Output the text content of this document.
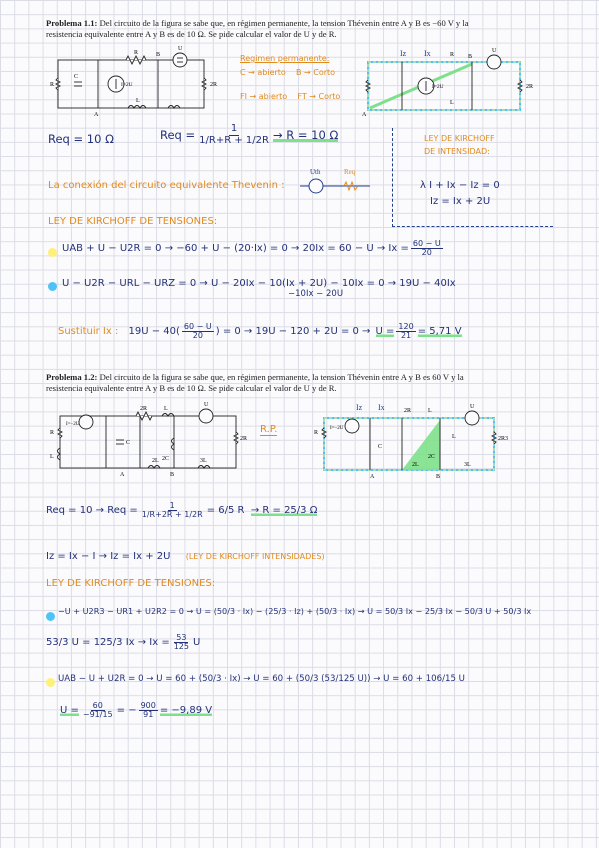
Problema 1.1: Del circuito de la figura se sabe que, en régimen permanente, la tension Thévenin entre A y B es −60 V y la resistencia equivalente entre A y B es de 10 Ω. Se pide calcular el valor de U y de R.
R
C
I=2U
R	B
U
L
2R
A
Regimen permanente:
C → abierto B → Corto
FI → abierto FT → Corto
Iz Ix	R
U
I=2U
L
2R
A
B
Req = 10 Ω	Req = $\frac{1}{1/R+R + 1/2R} \to R = 10$ Ω	LEY DE KIRCHOFF
DE INTENSIDAD:
λ I + Ix − Iz = 0
Iz = Ix + 2U
La conexión del circuito equivalente Thevenin :
Uth	Req
LEY DE KIRCHOFF DE TENSIONES:
UAB + $U - U2R = 0 \to -60 + U - (20\cdot Ix) = 0 \to 20Ix = 60 - U \to Ix = \frac{60 - U}{20}$
U − U2R − URL − URZ = 0 → U − 20Ix − 10(Ix + 2U) − 10Ix = 0 → 19U − 40Ix
−10Ix − 20U
Sustituir Ix :
$19U - 40( \frac{60 - U}{20}$ ) = 0 → 19U − 120 + 2U = 0 →
$U = \frac{120}{21} = 5,71$ V
Problema 1.2: Del circuito de la figura se sabe que, en régimen permanente, la tension Thévenin entre A y B es 60 V y la resistencia equivalente entre A y B es de 10 Ω. Se pide calcular el valor de U y de R.
2R	L
U
R
I=−2U
C
L	2C
2L	3L
2R
A	B
R.P.
Iz Ix	2R	L
U
R
I=−2U
C
L
2C
2R3
2L	3L
A	B
Req = 10 → Req = $\frac{1}{1/R+2R + 1/2R} = 6/5$ R
→ R = 25/3 Ω
Iz = Ix − I → Iz = Ix + 2U (LEY DE KIRCHOFF INTENSIDADES)
LEY DE KIRCHOFF DE TENSIONES:
−U + U2R3 − UR1 + U2R2 = 0 → U = (50/3 · Ix) − (25/3 · Iz) + (50/3 · Ix) → U = 50/3 Ix − 25/3 Ix − 50/3 U + 50/3 Ix
53/3 U = 125/3 $Ix \to Ix = \frac{53}{125}$ U
UAB − U + U2R = 0 → U = 60 + (50/3 · Ix) → U = 60 + (50/3 (53/125 U)) → U = 60 + 106/15 U
$U = \frac{60}{-91/15}$ = − $\frac{900}{91} = -9,89$ V
